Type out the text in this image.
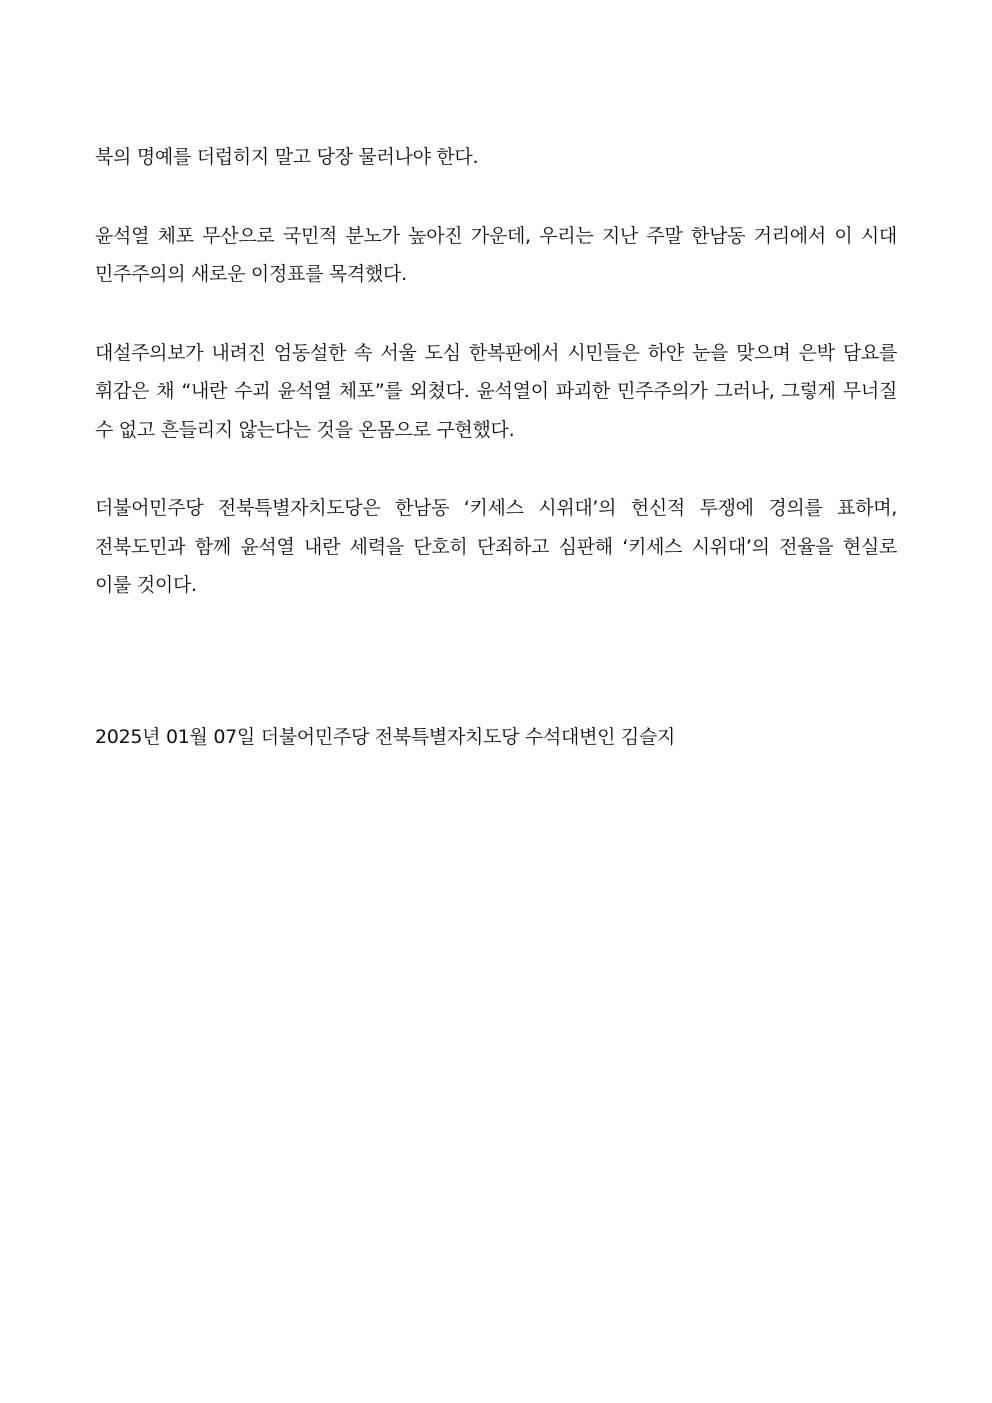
북의 명예를 더럽히지 말고 당장 물러나야 한다.

윤석열 체포 무산으로 국민적 분노가 높아진 가운데, 우리는 지난 주말 한남동 거리에서 이 시대 민주주의의 새로운 이정표를 목격했다.

대설주의보가 내려진 엄동설한 속 서울 도심 한복판에서 시민들은 하얀 눈을 맞으며 은박 담요를 휘감은 채 “내란 수괴 윤석열 체포”를 외쳤다. 윤석열이 파괴한 민주주의가 그러나, 그렇게 무너질 수 없고 흔들리지 않는다는 것을 온몸으로 구현했다.

더불어민주당 전북특별자치도당은 한남동 ‘키세스 시위대’의 헌신적 투쟁에 경의를 표하며, 전북도민과 함께 윤석열 내란 세력을 단호히 단죄하고 심판해 ‘키세스 시위대’의 전율을 현실로 이룰 것이다.

2025년 01월 07일 더불어민주당 전북특별자치도당 수석대변인 김슬지
